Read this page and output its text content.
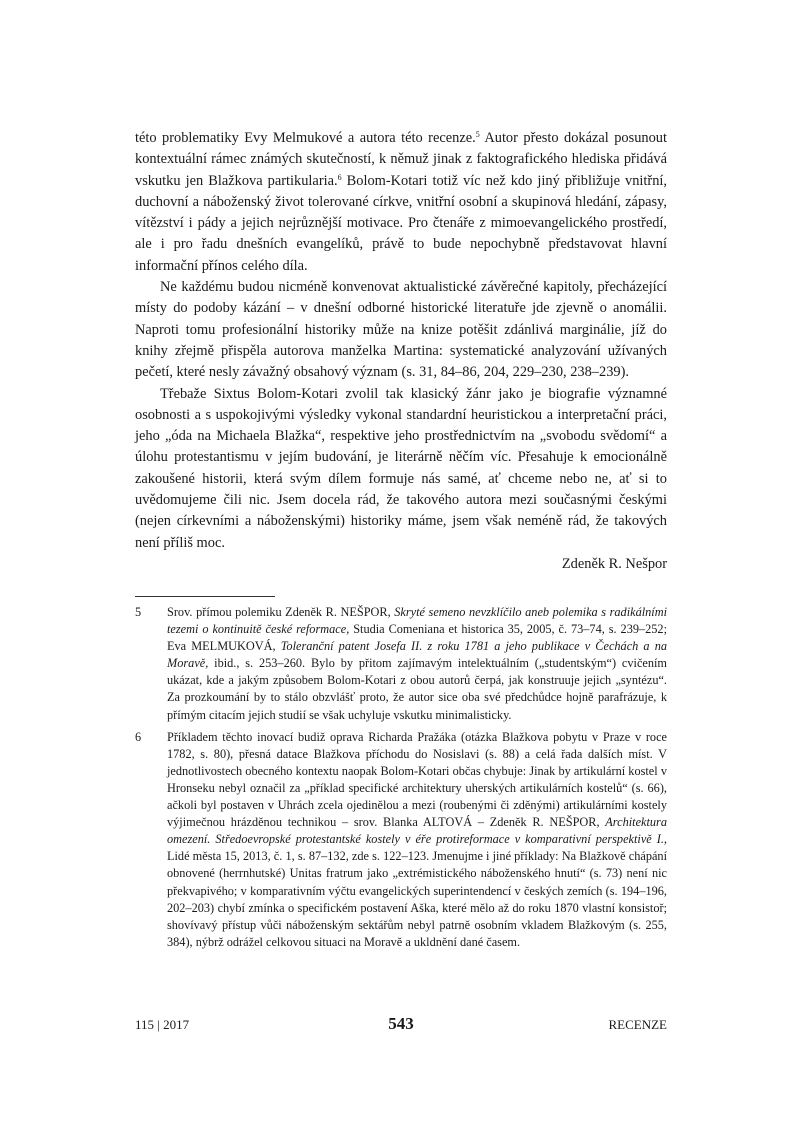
této problematiky Evy Melmukové a autora této recenze.$^5$ Autor přesto dokázal posunout kontextuální rámec známých skutečností, k němuž jinak z faktografického hlediska přidává vskutku jen Blažkova partikularia.$^6$ Bolom-Kotari totiž víc než kdo jiný přibližuje vnitřní, duchovní a náboženský život tolerované církve, vnitřní osobní a skupinová hledání, zápasy, vítězství i pády a jejich nejrůznější motivace. Pro čtenáře z mimoevangelického prostředí, ale i pro řadu dnešních evangelíků, právě to bude nepochybně představovat hlavní informační přínos celého díla.

Ne každému budou nicméně konvenovat aktualistické závěrečné kapitoly, přecházející místy do podoby kázání – v dnešní odborné historické literatuře jde zjevně o anomálii. Naproti tomu profesionální historiky může na knize potěšit zdánlivá marginálie, jíž do knihy zřejmě přispěla autorova manželka Martina: systematické analyzování užívaných pečetí, které nesly závažný obsahový význam (s. 31, 84–86, 204, 229–230, 238–239).

Třebaže Sixtus Bolom-Kotari zvolil tak klasický žánr jako je biografie významné osobnosti a s uspokojivými výsledky vykonal standardní heuristickou a interpretační práci, jeho „óda na Michaela Blažka“, respektive jeho prostřednictvím na „svobodu svědomí“ a úlohu protestantismu v jejím budování, je literárně něčím víc. Přesahuje k emocionálně zakoušené historii, která svým dílem formuje nás samé, ať chceme nebo ne, ať si to uvědomujeme čili nic. Jsem docela rád, že takového autora mezi současnými českými (nejen církevními a náboženskými) historiky máme, jsem však neméně rád, že takových není příliš moc.

Zdeněk R. Nešpor

5 Srov. přímou polemiku Zdeněk R. NEŠPOR, Skryté semeno nevzklíčilo aneb polemika s radikálními tezemi o kontinuitě české reformace, Studia Comeniana et historica 35, 2005, č. 73–74, s. 239–252; Eva MELMUKOVÁ, Toleranční patent Josefa II. z roku 1781 a jeho publikace v Čechách a na Moravě, ibid., s. 253–260. Bylo by přitom zajímavým intelektuálním („studentským“) cvičením ukázat, kde a jakým způsobem Bolom-Kotari z obou autorů čerpá, jak konstruuje jejich „syntézu“. Za prozkoumání by to stálo obzvlášť proto, že autor sice oba své předchůdce hojně parafrázuje, k přímým citacím jejich studií se však uchyluje vskutku minimalisticky.
6 Příkladem těchto inovací budiž oprava Richarda Pražáka (otázka Blažkova pobytu v Praze v roce 1782, s. 80), přesná datace Blažkova příchodu do Nosislavi (s. 88) a celá řada dalších míst. V jednotlivostech obecného kontextu naopak Bolom-Kotari občas chybuje: Jinak by artikulární kostel v Hronseku nebyl označil za „příklad specifické architektury uherských artikulárních kostelů“ (s. 66), ačkoli byl postaven v Uhrách zcela ojedinělou a mezi (roubenými či zděnými) artikulárními kostely výjimečnou hrázděnou technikou – srov. Blanka ALTOVÁ – Zdeněk R. NEŠPOR, Architektura omezení. Středoevropské protestantské kostely v éře protireformace v komparativní perspektivě I., Lidé města 15, 2013, č. 1, s. 87–132, zde s. 122–123. Jmenujme i jiné příklady: Na Blažkově chápání obnovené (herrnhutské) Unitas fratrum jako „extrémistického náboženského hnutí“ (s. 73) není nic překvapivého; v komparativním výčtu evangelických superintendencí v českých zemích (s. 194–196, 202–203) chybí zmínka o specifickém postavení Aška, které mělo až do roku 1870 vlastní konsistoř; shovívavý přístup vůči náboženským sektářům nebyl patrně osobním vkladem Blažkovým (s. 255, 384), nýbrž odrážel celkovou situaci na Moravě a ukldnění dané časem.
115 | 2017	543	RECENZE
